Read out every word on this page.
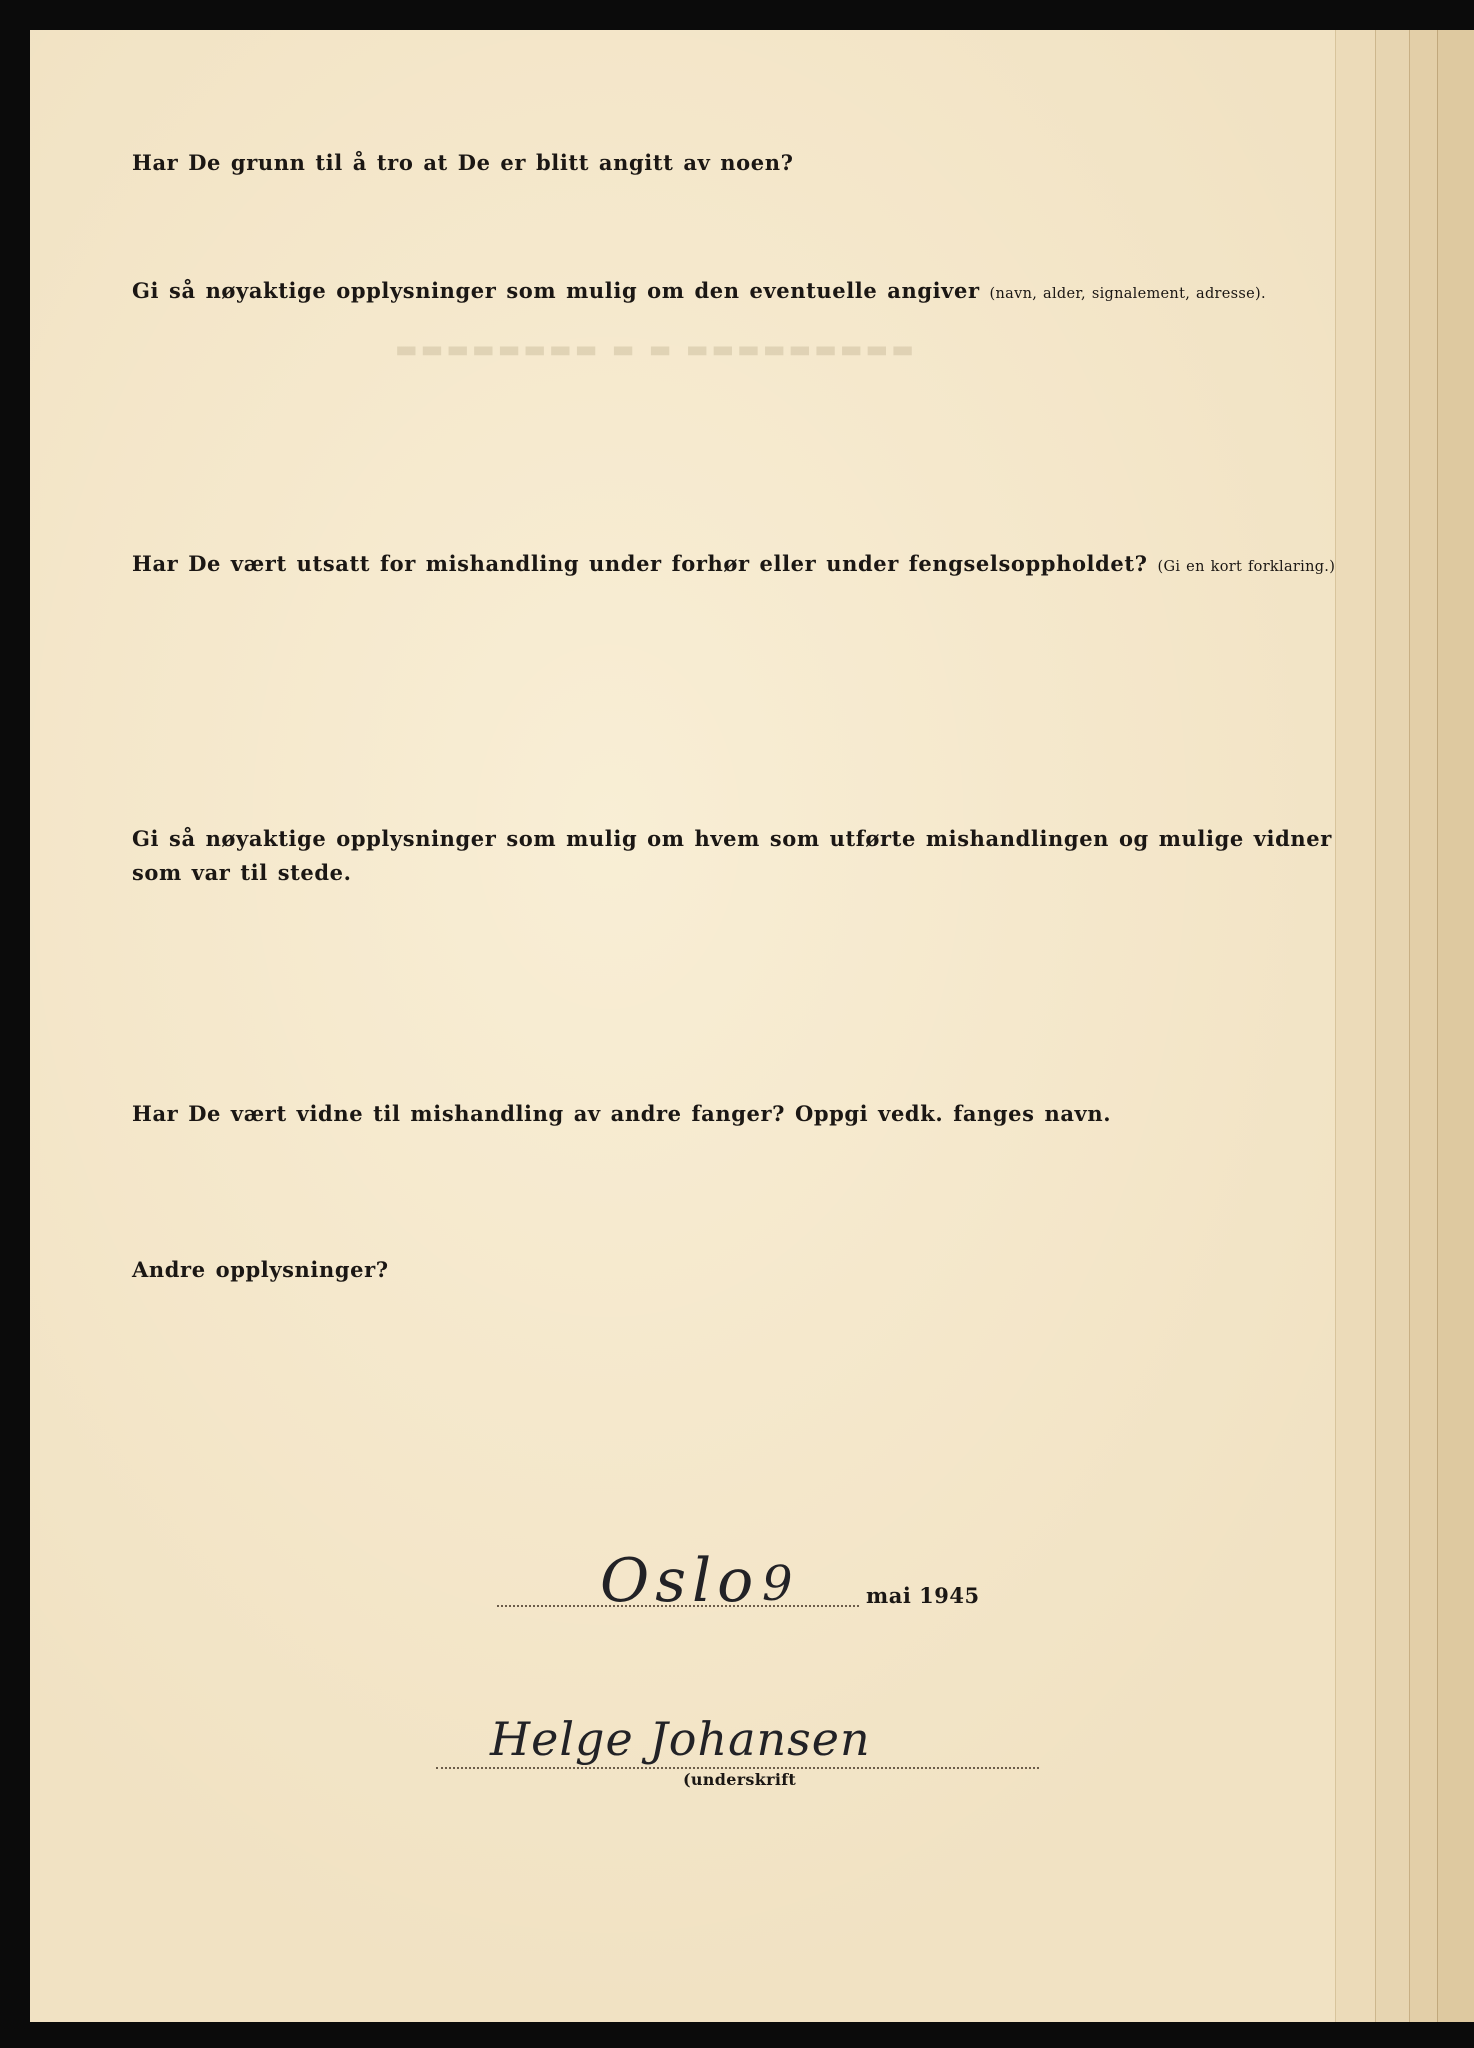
▬▬▬▬▬▬▬▬ ▬ ▬ ▬▬▬▬▬▬▬▬▬

Har De grunn til å tro at De er blitt angitt av noen?

Gi så nøyaktige opplysninger som mulig om den eventuelle angiver (navn, alder, signalement, adresse).

Har De vært utsatt for mishandling under forhør eller under fengselsoppholdet? (Gi en kort forklaring.)

Gi så nøyaktige opplysninger som mulig om hvem som utførte mishandlingen og mulige vidner
som var til stede.

Har De vært vidne til mishandling av andre fanger? Oppgi vedk. fanges navn.

Andre opplysninger?

Oslo 9	mai 1945
Helge Johansen
(underskrift
